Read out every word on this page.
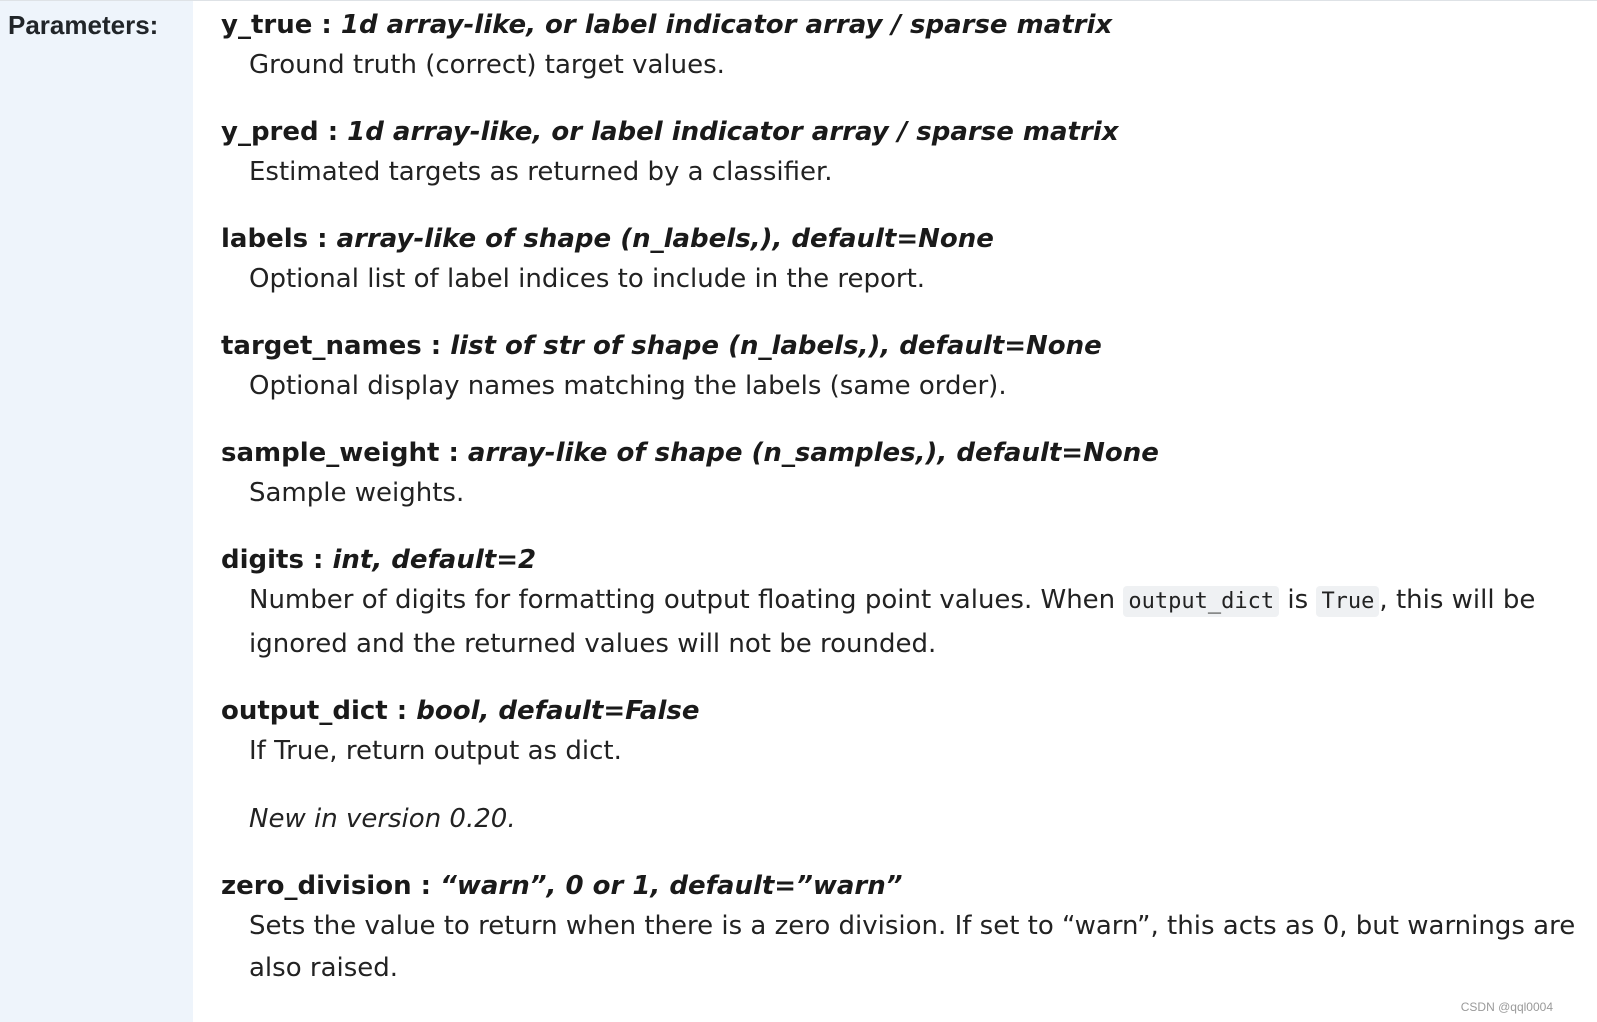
Parameters:	y_true : 1d array-like, or label indicator array / sparse matrix

Ground truth (correct) target values.

y_pred : 1d array-like, or label indicator array / sparse matrix

Estimated targets as returned by a classifier.

labels : array-like of shape (n_labels,), default=None

Optional list of label indices to include in the report.

target_names : list of str of shape (n_labels,), default=None

Optional display names matching the labels (same order).

sample_weight : array-like of shape (n_samples,), default=None

Sample weights.

digits : int, default=2

Number of digits for formatting output floating point values. When output_dict is True , this will be ignored and the returned values will not be rounded.

output_dict : bool, default=False

If True, return output as dict.

New in version 0.20.

zero_division : “warn”, 0 or 1, default=”warn”

Sets the value to return when there is a zero division. If set to “warn”, this acts as 0, but warnings are also raised.

CSDN @qql0004
